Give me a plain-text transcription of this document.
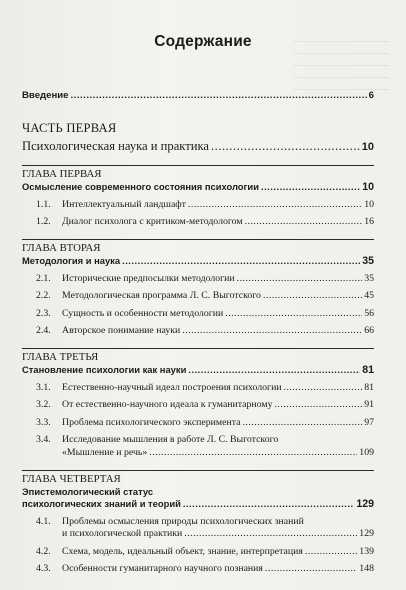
— — — — — — — — — — — —
— — — — — — — — — — — —
— — — — — — — — — — — —
— — — — — — — — — — — —
— — — — — — — — — — — —
Содержание
Введение .....	6
ЧАСТЬ ПЕРВАЯ
Психологическая наука и практика .....	10
ГЛАВА ПЕРВАЯ
Осмысление современного состояния психологии .....	10
1.1. Интеллектуальный ландшафт .....	10
1.2. Диалог психолога с критиком-методологом .....	16
ГЛАВА ВТОРАЯ
Методология и наука .....	35
2.1. Исторические предпосылки методологии .....	35
2.2. Методологическая программа Л. С. Выготского .....	45
2.3. Сущность и особенности методологии .....	56
2.4. Авторское понимание науки .....	66
ГЛАВА ТРЕТЬЯ
Становление психологии как науки .....	81
3.1. Естественно-научный идеал построения психологии .....	81
3.2. От естественно-научного идеала к гуманитарному .....	91
3.3. Проблема психологического эксперимента .....	97
3.4. Исследование мышления в работе Л. С. Выготского
«Мышление и речь» .....	109
ГЛАВА ЧЕТВЕРТАЯ
Эпистемологический статус
психологических знаний и теорий .....	129
4.1. Проблемы осмысления природы психологических знаний
и психологической практики .....	129
4.2. Схема, модель, идеальный объект, знание, интерпретация .....	139
4.3. Особенности гуманитарного научного познания .....	148
